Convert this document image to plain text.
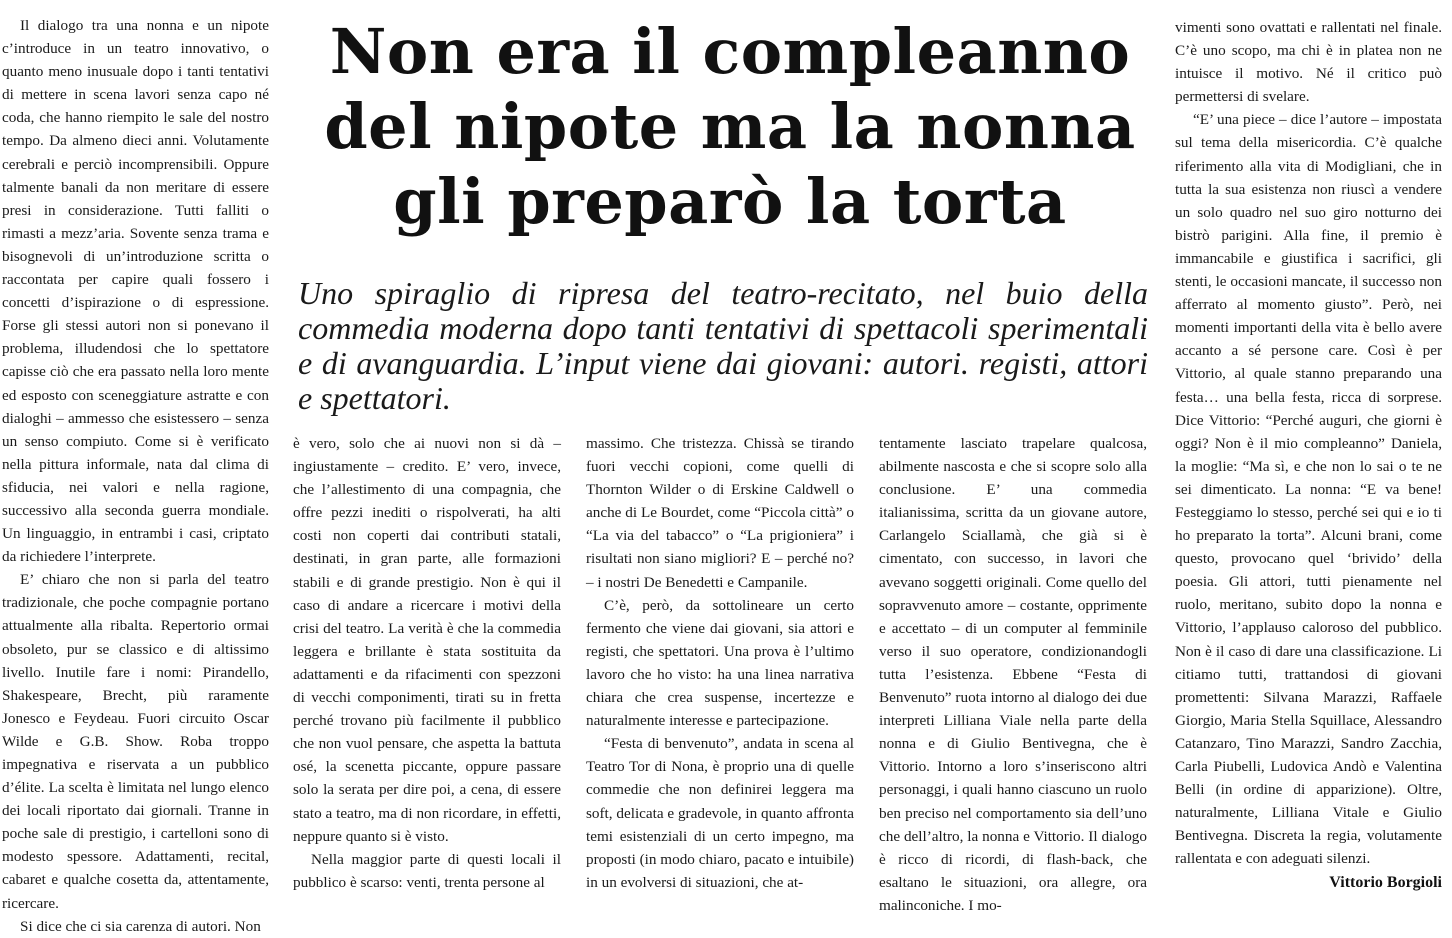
Non era il compleanno
del nipote ma la nonna
gli preparò la torta

Uno spiraglio di ripresa del teatro-recitato, nel buio della commedia moderna dopo tanti tentativi di spettacoli sperimentali e di avanguardia. L’input viene dai giovani: autori. registi, attori e spettatori.

Il dialogo tra una nonna e un nipote c’introduce in un teatro innovativo, o quanto meno inusuale dopo i tanti tentativi di mettere in scena lavori senza capo né coda, che hanno riempito le sale del nostro tempo. Da almeno dieci anni. Volutamente cerebrali e perciò incomprensibili. Oppure talmente banali da non meritare di essere presi in considerazione. Tutti falliti o rimasti a mezz’aria. Sovente senza trama e bisognevoli di un’introduzione scritta o raccontata per capire quali fossero i concetti d’ispirazione o di espressione. Forse gli stessi autori non si ponevano il problema, illudendosi che lo spettatore capisse ciò che era passato nella loro mente ed esposto con sceneggiature astratte e con dialoghi – ammesso che esistessero – senza un senso compiuto. Come si è verificato nella pittura informale, nata dal clima di sfiducia, nei valori e nella ragione, successivo alla seconda guerra mondiale. Un linguaggio, in entrambi i casi, criptato da richiedere l’interprete.

E’ chiaro che non si parla del teatro tradizionale, che poche compagnie portano attualmente alla ribalta. Repertorio ormai obsoleto, pur se classico e di altissimo livello. Inutile fare i nomi: Pirandello, Shakespeare, Brecht, più raramente Jonesco e Feydeau. Fuori circuito Oscar Wilde e G.B. Show. Roba troppo impegnativa e riservata a un pubblico d’élite. La scelta è limitata nel lungo elenco dei locali riportato dai giornali. Tranne in poche sale di prestigio, i cartelloni sono di modesto spessore. Adattamenti, recital, cabaret e qualche cosetta da, attentamente, ricercare.

Si dice che ci sia carenza di autori. Non

è vero, solo che ai nuovi non si dà – ingiustamente – credito. E’ vero, invece, che l’allestimento di una compagnia, che offre pezzi inediti o rispolverati, ha alti costi non coperti dai contributi statali, destinati, in gran parte, alle formazioni stabili e di grande prestigio. Non è qui il caso di andare a ricercare i motivi della crisi del teatro. La verità è che la commedia leggera e brillante è stata sostituita da adattamenti e da rifacimenti con spezzoni di vecchi componimenti, tirati su in fretta perché trovano più facilmente il pubblico che non vuol pensare, che aspetta la battuta osé, la scenetta piccante, oppure passare solo la serata per dire poi, a cena, di essere stato a teatro, ma di non ricordare, in effetti, neppure quanto si è visto.

Nella maggior parte di questi locali il pubblico è scarso: venti, trenta persone al

massimo. Che tristezza. Chissà se tirando fuori vecchi copioni, come quelli di Thornton Wilder o di Erskine Caldwell o anche di Le Bourdet, come “Piccola città” o “La via del tabacco” o “La prigioniera” i risultati non siano migliori? E – perché no? – i nostri De Benedetti e Campanile.

C’è, però, da sottolineare un certo fermento che viene dai giovani, sia attori e registi, che spettatori. Una prova è l’ultimo lavoro che ho visto: ha una linea narrativa chiara che crea suspense, incertezze e naturalmente interesse e partecipazione.

“Festa di benvenuto”, andata in scena al Teatro Tor di Nona, è proprio una di quelle commedie che non definirei leggera ma soft, delicata e gradevole, in quanto affronta temi esistenziali di un certo impegno, ma proposti (in modo chiaro, pacato e intuibile) in un evolversi di situazioni, che at-

tentamente lasciato trapelare qualcosa, abilmente nascosta e che si scopre solo alla conclusione. E’ una commedia italianissima, scritta da un giovane autore, Carlangelo Sciallamà, che già si è cimentato, con successo, in lavori che avevano soggetti originali. Come quello del sopravvenuto amore – costante, opprimente e accettato – di un computer al femminile verso il suo operatore, condizionandogli tutta l’esistenza. Ebbene “Festa di Benvenuto” ruota intorno al dialogo dei due interpreti Lilliana Viale nella parte della nonna e di Giulio Bentivegna, che è Vittorio. Intorno a loro s’inseriscono altri personaggi, i quali hanno ciascuno un ruolo ben preciso nel comportamento sia dell’uno che dell’altro, la nonna e Vittorio. Il dialogo è ricco di ricordi, di flash-back, che esaltano le situazioni, ora allegre, ora malinconiche. I mo-

vimenti sono ovattati e rallentati nel finale. C’è uno scopo, ma chi è in platea non ne intuisce il motivo. Né il critico può permettersi di svelare.

“E’ una piece – dice l’autore – impostata sul tema della misericordia. C’è qualche riferimento alla vita di Modigliani, che in tutta la sua esistenza non riuscì a vendere un solo quadro nel suo giro notturno dei bistrò parigini. Alla fine, il premio è immancabile e giustifica i sacrifici, gli stenti, le occasioni mancate, il successo non afferrato al momento giusto”. Però, nei momenti importanti della vita è bello avere accanto a sé persone care. Così è per Vittorio, al quale stanno preparando una festa… una bella festa, ricca di sorprese. Dice Vittorio: “Perché auguri, che giorni è oggi? Non è il mio compleanno” Daniela, la moglie: “Ma sì, e che non lo sai o te ne sei dimenticato. La nonna: “E va bene! Festeggiamo lo stesso, perché sei qui e io ti ho preparato la torta”. Alcuni brani, come questo, provocano quel ‘brivido’ della poesia. Gli attori, tutti pienamente nel ruolo, meritano, subito dopo la nonna e Vittorio, l’applauso caloroso del pubblico. Non è il caso di dare una classificazione. Li citiamo tutti, trattandosi di giovani promettenti: Silvana Marazzi, Raffaele Giorgio, Maria Stella Squillace, Alessandro Catanzaro, Tino Marazzi, Sandro Zacchia, Carla Piubelli, Ludovica Andò e Valentina Belli (in ordine di apparizione). Oltre, naturalmente, Lilliana Vitale e Giulio Bentivegna. Discreta la regia, volutamente rallentata e con adeguati silenzi.

Vittorio Borgioli
